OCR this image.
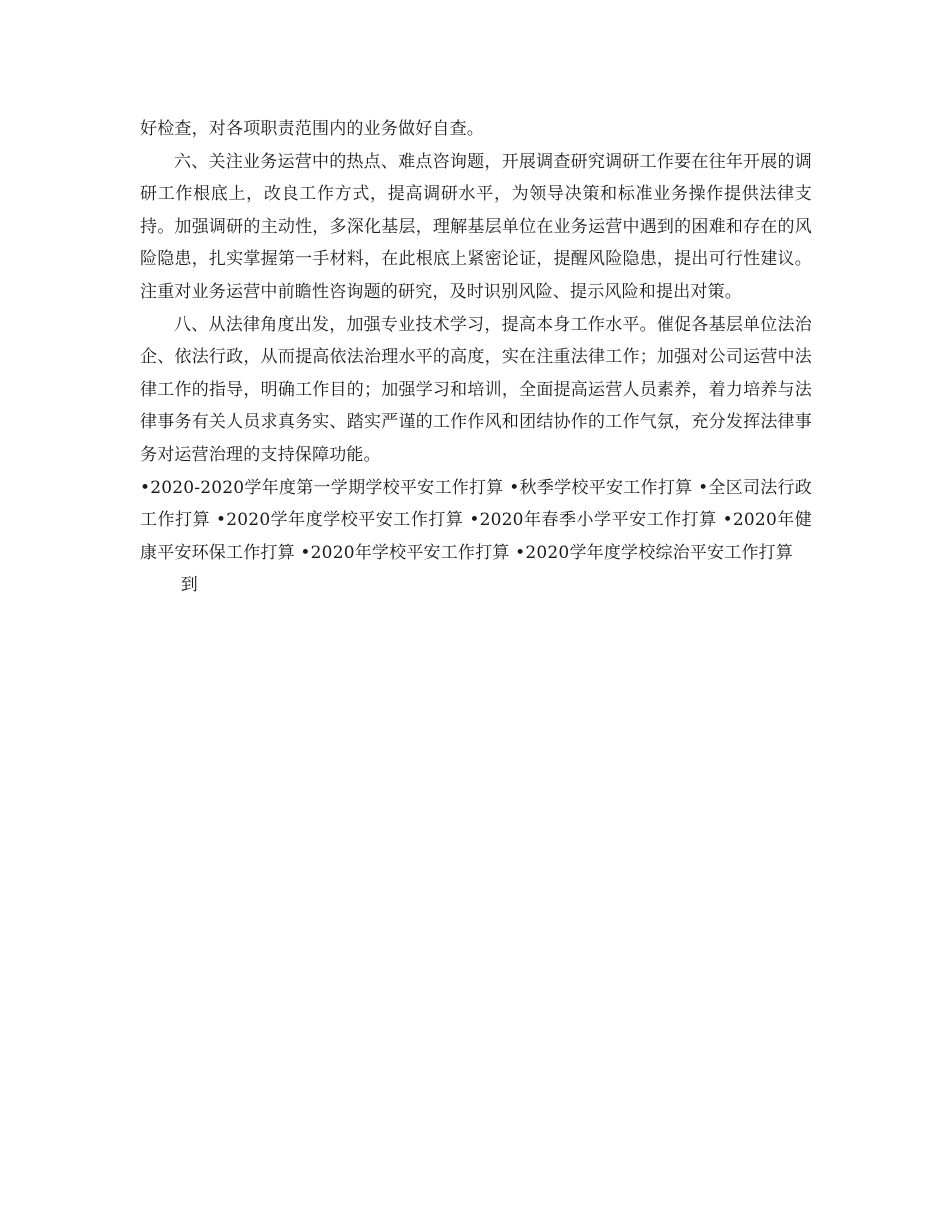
好检查，对各项职责范围内的业务做好自查。

六、关注业务运营中的热点、难点咨询题，开展调查研究调研工作要在往年开展的调研工作根底上，改良工作方式，提高调研水平，为领导决策和标准业务操作提供法律支持。加强调研的主动性，多深化基层，理解基层单位在业务运营中遇到的困难和存在的风险隐患，扎实掌握第一手材料，在此根底上紧密论证，提醒风险隐患，提出可行性建议。注重对业务运营中前瞻性咨询题的研究，及时识别风险、提示风险和提出对策。

八、从法律角度出发，加强专业技术学习，提高本身工作水平。催促各基层单位法治企、依法行政，从而提高依法治理水平的高度，实在注重法律工作；加强对公司运营中法律工作的指导，明确工作目的；加强学习和培训，全面提高运营人员素养，着力培养与法律事务有关人员求真务实、踏实严谨的工作作风和团结协作的工作气氛，充分发挥法律事务对运营治理的支持保障功能。

•2020-2020学年度第一学期学校平安工作打算 •秋季学校平安工作打算 •全区司法行政工作打算 •2020学年度学校平安工作打算 •2020年春季小学平安工作打算 •2020年健康平安环保工作打算 •2020年学校平安工作打算 •2020学年度学校综治平安工作打算

到
